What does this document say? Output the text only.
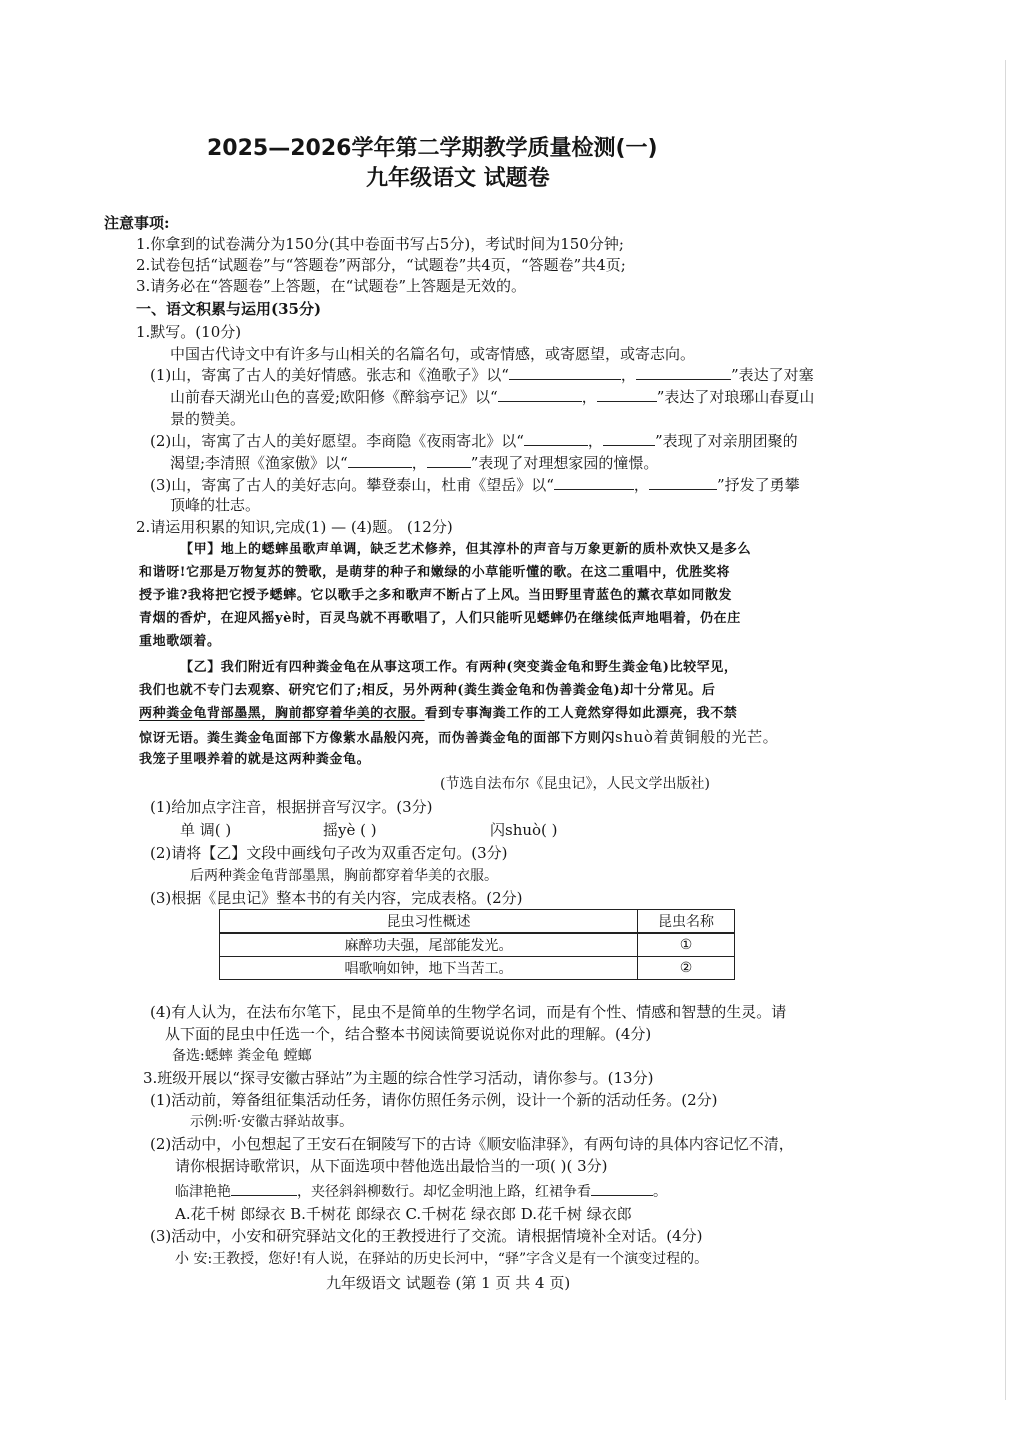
2025—2026学年第二学期教学质量检测(一)
九年级语文 试题卷
注意事项:
1.你拿到的试卷满分为150分(其中卷面书写占5分)，考试时间为150分钟;
2.试卷包括“试题卷”与“答题卷”两部分，“试题卷”共4页，“答题卷”共4页;
3.请务必在“答题卷”上答题，在“试题卷”上答题是无效的。
一、语文积累与运用(35分)
1.默写。(10分)
中国古代诗文中有许多与山相关的名篇名句，或寄情感，或寄愿望，或寄志向。
(1)山，寄寓了古人的美好情感。张志和《渔歌子》以“	，	”表达了对塞
山前春天湖光山色的喜爱;欧阳修《醉翁亭记》以“	，	”表达了对琅琊山春夏山
景的赞美。
(2)山，寄寓了古人的美好愿望。李商隐《夜雨寄北》以“	，	”表现了对亲朋团聚的
渴望;李清照《渔家傲》以“	，	”表现了对理想家园的憧憬。
(3)山，寄寓了古人的美好志向。攀登泰山，杜甫《望岳》以“	，	”抒发了勇攀
顶峰的壮志。
2.请运用积累的知识,完成(1) — (4)题。 (12分)
【甲】地上的蟋蟀虽歌声单调，缺乏艺术修养，但其淳朴的声音与万象更新的质朴欢快又是多么
和谐呀!它那是万物复苏的赞歌，是萌芽的种子和嫩绿的小草能听懂的歌。在这二重唱中，优胜奖将
授予谁?我将把它授予蟋蟀。它以歌手之多和歌声不断占了上风。当田野里青蓝色的薰衣草如同散发
青烟的香炉，在迎风摇yè时，百灵鸟就不再歌唱了，人们只能听见蟋蟀仍在继续低声地唱着，仍在庄
重地歌颂着。
【乙】我们附近有四种粪金龟在从事这项工作。有两种(突变粪金龟和野生粪金龟)比较罕见，
我们也就不专门去观察、研究它们了;相反，另外两种(粪生粪金龟和伪善粪金龟)却十分常见。后
两种粪金龟背部墨黑，胸前都穿着华美的衣服。看到专事淘粪工作的工人竟然穿得如此漂亮，我不禁
惊讶无语。粪生粪金龟面部下方像紫水晶般闪亮，而伪善粪金龟的面部下方则闪shuò着黄铜般的光芒。
我笼子里喂养着的就是这两种粪金龟。
(节选自法布尔《昆虫记》，人民文学出版社)
(1)给加点字注音，根据拼音写汉字。(3分)
单 调( )	摇yè ( )	闪shuò( )
(2)请将【乙】文段中画线句子改为双重否定句。(3分)
后两种粪金龟背部墨黑，胸前都穿着华美的衣服。
(3)根据《昆虫记》整本书的有关内容，完成表格。(2分)
昆虫习性概述	昆虫名称
麻醉功夫强，尾部能发光。	①
唱歌响如钟，地下当苦工。	②
(4)有人认为，在法布尔笔下，昆虫不是简单的生物学名词，而是有个性、情感和智慧的生灵。请
从下面的昆虫中任选一个，结合整本书阅读简要说说你对此的理解。(4分)
备选:蟋蟀 粪金龟 螳螂
3.班级开展以“探寻安徽古驿站”为主题的综合性学习活动，请你参与。(13分)
(1)活动前，筹备组征集活动任务，请你仿照任务示例，设计一个新的活动任务。(2分)
示例:听·安徽古驿站故事。
(2)活动中，小包想起了王安石在铜陵写下的古诗《顺安临津驿》，有两句诗的具体内容记忆不清，
请你根据诗歌常识，从下面选项中替他选出最恰当的一项( )( 3分)
临津艳艳	，夹径斜斜柳数行。却忆金明池上路，红裙争看	。
A.花千树 郎绿衣 B.千树花 郎绿衣 C.千树花 绿衣郎 D.花千树 绿衣郎
(3)活动中，小安和研究驿站文化的王教授进行了交流。请根据情境补全对话。(4分)
小 安:王教授，您好!有人说，在驿站的历史长河中，“驿”字含义是有一个演变过程的。
九年级语文 试题卷 (第 1 页 共 4 页)
